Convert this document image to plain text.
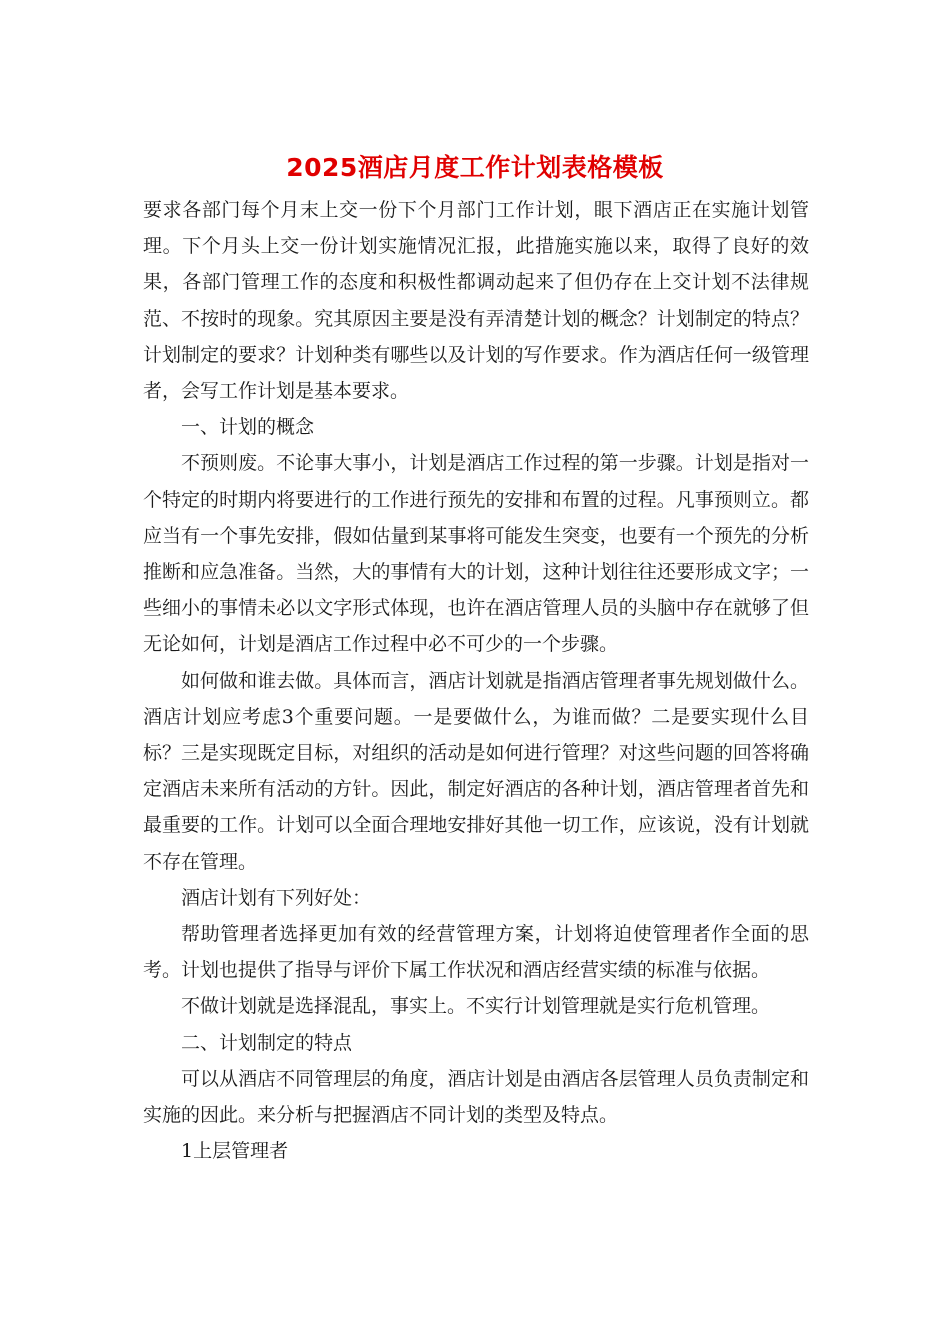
2025酒店月度工作计划表格模板

要求各部门每个月末上交一份下个月部门工作计划，眼下酒店正在实施计划管理。下个月头上交一份计划实施情况汇报，此措施实施以来，取得了良好的效果，各部门管理工作的态度和积极性都调动起来了但仍存在上交计划不法律规范、不按时的现象。究其原因主要是没有弄清楚计划的概念？计划制定的特点？计划制定的要求？计划种类有哪些以及计划的写作要求。作为酒店任何一级管理者，会写工作计划是基本要求。

一、计划的概念

不预则废。不论事大事小，计划是酒店工作过程的第一步骤。计划是指对一个特定的时期内将要进行的工作进行预先的安排和布置的过程。凡事预则立。都应当有一个事先安排，假如估量到某事将可能发生突变，也要有一个预先的分析推断和应急准备。当然，大的事情有大的计划，这种计划往往还要形成文字；一些细小的事情未必以文字形式体现，也许在酒店管理人员的头脑中存在就够了但无论如何，计划是酒店工作过程中必不可少的一个步骤。

如何做和谁去做。具体而言，酒店计划就是指酒店管理者事先规划做什么。酒店计划应考虑3个重要问题。一是要做什么，为谁而做？二是要实现什么目标？三是实现既定目标，对组织的活动是如何进行管理？对这些问题的回答将确定酒店未来所有活动的方针。因此，制定好酒店的各种计划，酒店管理者首先和最重要的工作。计划可以全面合理地安排好其他一切工作，应该说，没有计划就不存在管理。

酒店计划有下列好处：

帮助管理者选择更加有效的经营管理方案，计划将迫使管理者作全面的思考。计划也提供了指导与评价下属工作状况和酒店经营实绩的标准与依据。

不做计划就是选择混乱，事实上。不实行计划管理就是实行危机管理。

二、计划制定的特点

可以从酒店不同管理层的角度，酒店计划是由酒店各层管理人员负责制定和实施的因此。来分析与把握酒店不同计划的类型及特点。

1上层管理者
